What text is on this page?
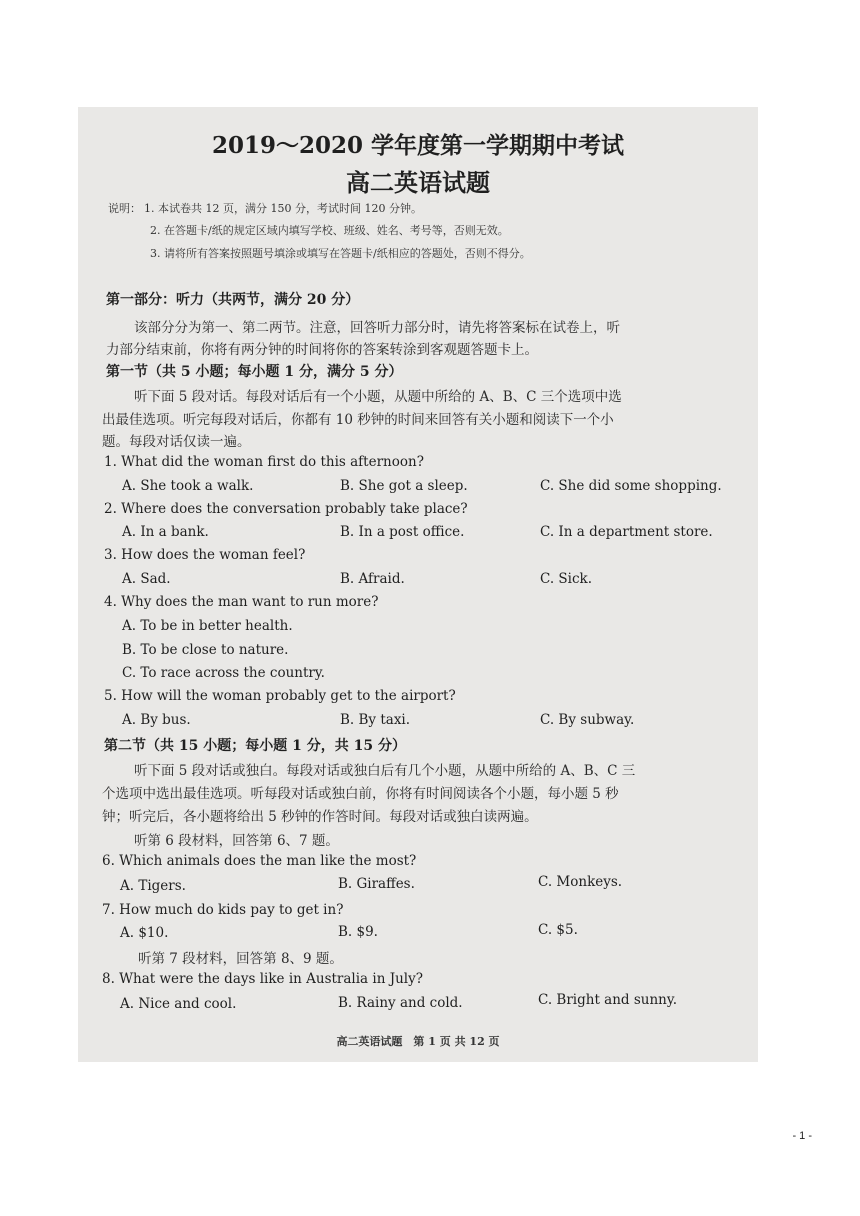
2019～2020 学年度第一学期期中考试
高二英语试题
说明： 1. 本试卷共 12 页，满分 150 分，考试时间 120 分钟。
2. 在答题卡/纸的规定区域内填写学校、班级、姓名、考号等，否则无效。
3. 请将所有答案按照题号填涂或填写在答题卡/纸相应的答题处，否则不得分。
第一部分：听力（共两节，满分 20 分）
该部分分为第一、第二两节。注意，回答听力部分时，请先将答案标在试卷上，听
力部分结束前，你将有两分钟的时间将你的答案转涂到客观题答题卡上。
第一节（共 5 小题；每小题 1 分，满分 5 分）
听下面 5 段对话。每段对话后有一个小题，从题中所给的 A、B、C 三个选项中选
出最佳选项。听完每段对话后，你都有 10 秒钟的时间来回答有关小题和阅读下一个小
题。每段对话仅读一遍。
1. What did the woman first do this afternoon?
A. She took a walk.	B. She got a sleep.	C. She did some shopping.
2. Where does the conversation probably take place?
A. In a bank.	B. In a post office.	C. In a department store.
3. How does the woman feel?
A. Sad.	B. Afraid.	C. Sick.
4. Why does the man want to run more?
A. To be in better health.
B. To be close to nature.
C. To race across the country.
5. How will the woman probably get to the airport?
A. By bus.	B. By taxi.	C. By subway.
第二节（共 15 小题；每小题 1 分，共 15 分）
听下面 5 段对话或独白。每段对话或独白后有几个小题，从题中所给的 A、B、C 三
个选项中选出最佳选项。听每段对话或独白前，你将有时间阅读各个小题，每小题 5 秒
钟；听完后，各小题将给出 5 秒钟的作答时间。每段对话或独白读两遍。
听第 6 段材料，回答第 6、7 题。
6. Which animals does the man like the most?
A. Tigers.	B. Giraffes.	C. Monkeys.
7. How much do kids pay to get in?
A. $10.	B. $9.	C. $5.
听第 7 段材料，回答第 8、9 题。
8. What were the days like in Australia in July?
A. Nice and cool.	B. Rainy and cold.	C. Bright and sunny.
高二英语试题　第 1 页 共 12 页
- 1 -
